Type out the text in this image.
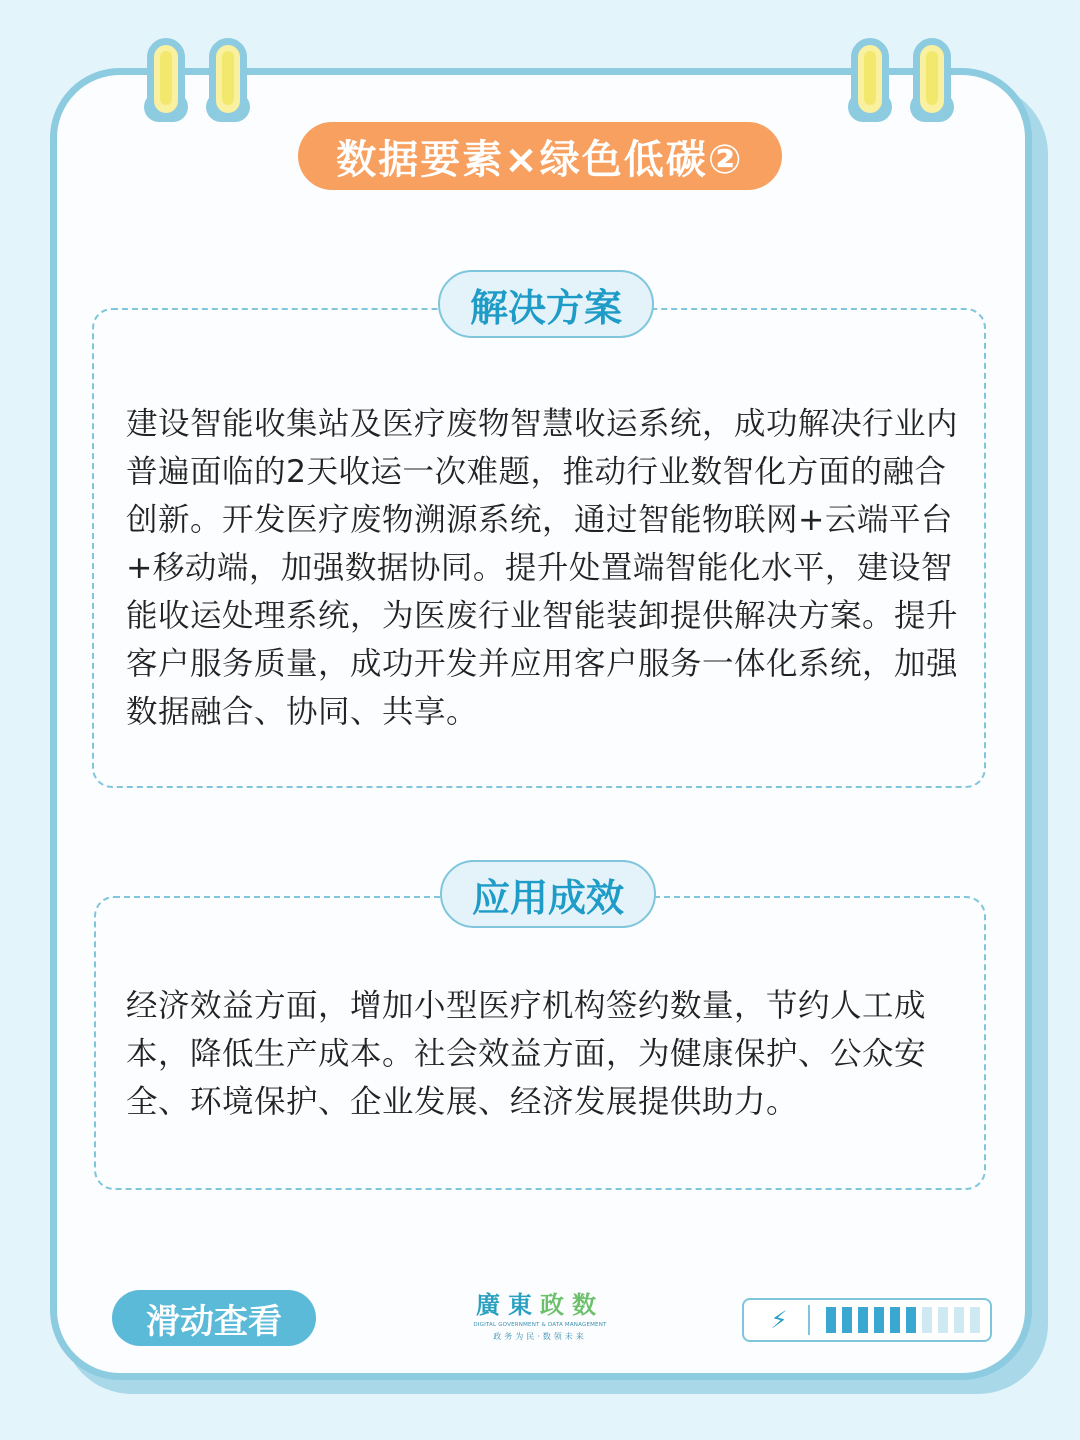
数据要素×绿色低碳②
解决方案
建设智能收集站及医疗废物智慧收运系统，成功解决行业内普遍面临的2天收运一次难题，推动行业数智化方面的融合创新。开发医疗废物溯源系统，通过智能物联网+云端平台+移动端，加强数据协同。提升处置端智能化水平，建设智能收运处理系统，为医废行业智能装卸提供解决方案。提升客户服务质量，成功开发并应用客户服务一体化系统，加强数据融合、协同、共享。
应用成效
经济效益方面，增加小型医疗机构签约数量，节约人工成本，降低生产成本。社会效益方面，为健康保护、公众安全、环境保护、企业发展、经济发展提供助力。
滑动查看	廣東政数
DIGITAL GOVERNMENT & DATA MANAGEMENT
政务为民·数领未来
⚡
